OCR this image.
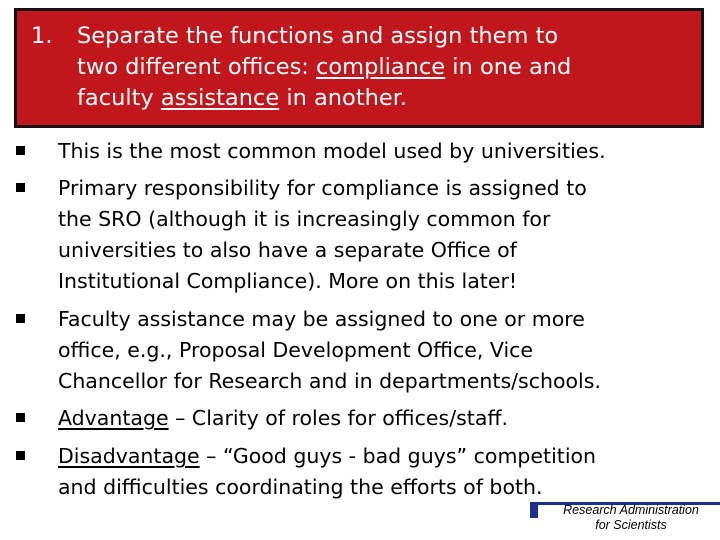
1. Separate the functions and assign them to
two different offices: compliance in one and
faculty assistance in another.
This is the most common model used by universities.
Primary responsibility for compliance is assigned to
the SRO (although it is increasingly common for
universities to also have a separate Office of
Institutional Compliance). More on this later!
Faculty assistance may be assigned to one or more
office, e.g., Proposal Development Office, Vice
Chancellor for Research and in departments/schools.
Advantage – Clarity of roles for offices/staff.
Disadvantage – “Good guys - bad guys” competition
and difficulties coordinating the efforts of both.
Research Administration
for Scientists
